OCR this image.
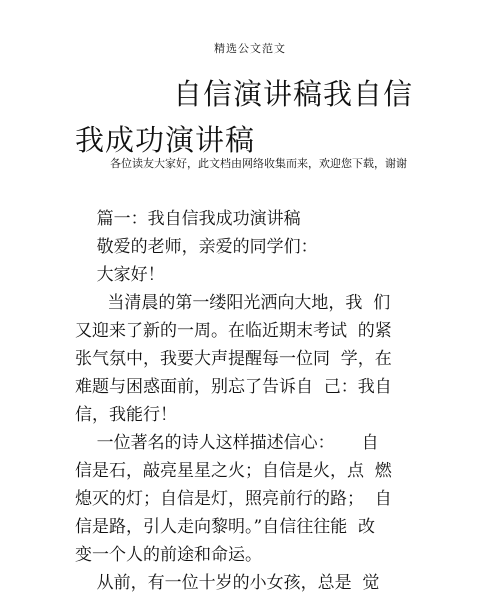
精选公文范文
自信演讲稿我自信
我成功演讲稿
各位读友大家好，此文档由网络收集而来，欢迎您下载，谢谢
篇一：我自信我成功演讲稿
敬爱的老师，亲爱的同学们：
大家好！
当清晨的第一缕阳光洒向大地，我  们
又迎来了新的一周。在临近期末考试  的紧
张气氛中，我要大声提醒每一位同  学，在
难题与困惑面前，别忘了告诉自  己：我自
信，我能行！
一位著名的诗人这样描述信心：     自
信是石，敲亮星星之火；自信是火，点  燃
熄灭的灯；自信是灯，照亮前行的路；  自
信是路，引人走向黎明。”自信往往能  改
变一个人的前途和命运。
从前，有一位十岁的小女孩，总是  觉
